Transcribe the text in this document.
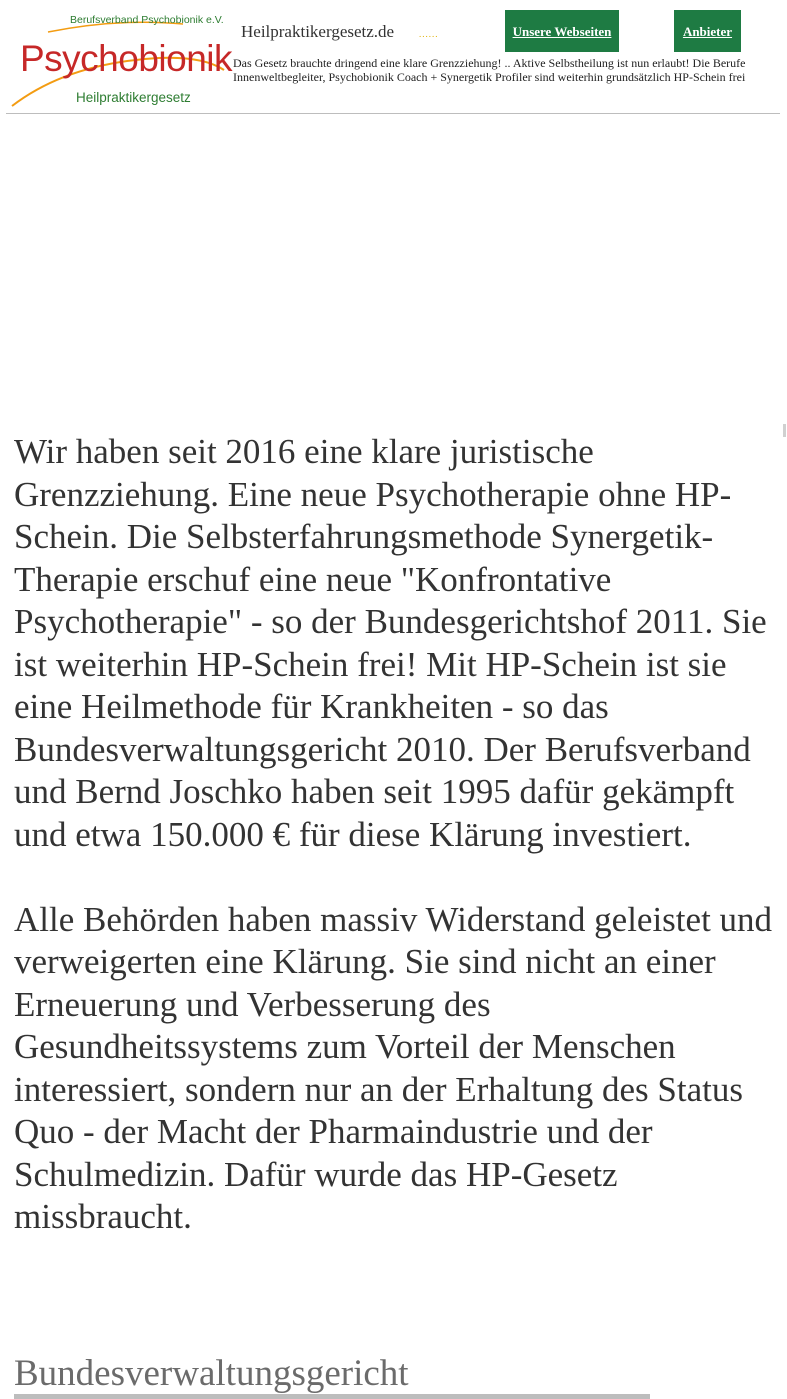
Berufsverband Psychobionik e.V.
Psychobionik
Heilpraktikergesetz
Heilpraktikergesetz.de	......
Das Gesetz brauchte dringend eine klare Grenzziehung! .. Aktive Selbstheilung ist nun erlaubt! Die Berufe Innenweltbegleiter, Psychobionik Coach + Synergetik Profiler sind weiterhin grundsätzlich HP-Schein frei
Unsere Webseiten	Anbieter

Wir haben seit 2016 eine klare juristische Grenzziehung. Eine neue Psychotherapie ohne HP-Schein. Die Selbsterfahrungsmethode Synergetik-Therapie erschuf eine neue "Konfrontative Psychotherapie" - so der Bundesgerichtshof 2011. Sie ist weiterhin HP-Schein frei! Mit HP-Schein ist sie eine Heilmethode für Krankheiten - so das Bundesverwaltungsgericht 2010. Der Berufsverband und Bernd Joschko haben seit 1995 dafür gekämpft und etwa 150.000 € für diese Klärung investiert.

Alle Behörden haben massiv Widerstand geleistet und verweigerten eine Klärung. Sie sind nicht an einer Erneuerung und Verbesserung des Gesundheitssystems zum Vorteil der Menschen interessiert, sondern nur an der Erhaltung des Status Quo - der Macht der Pharmaindustrie und der Schulmedizin. Dafür wurde das HP-Gesetz missbraucht.

Bundesverwaltungsgericht
